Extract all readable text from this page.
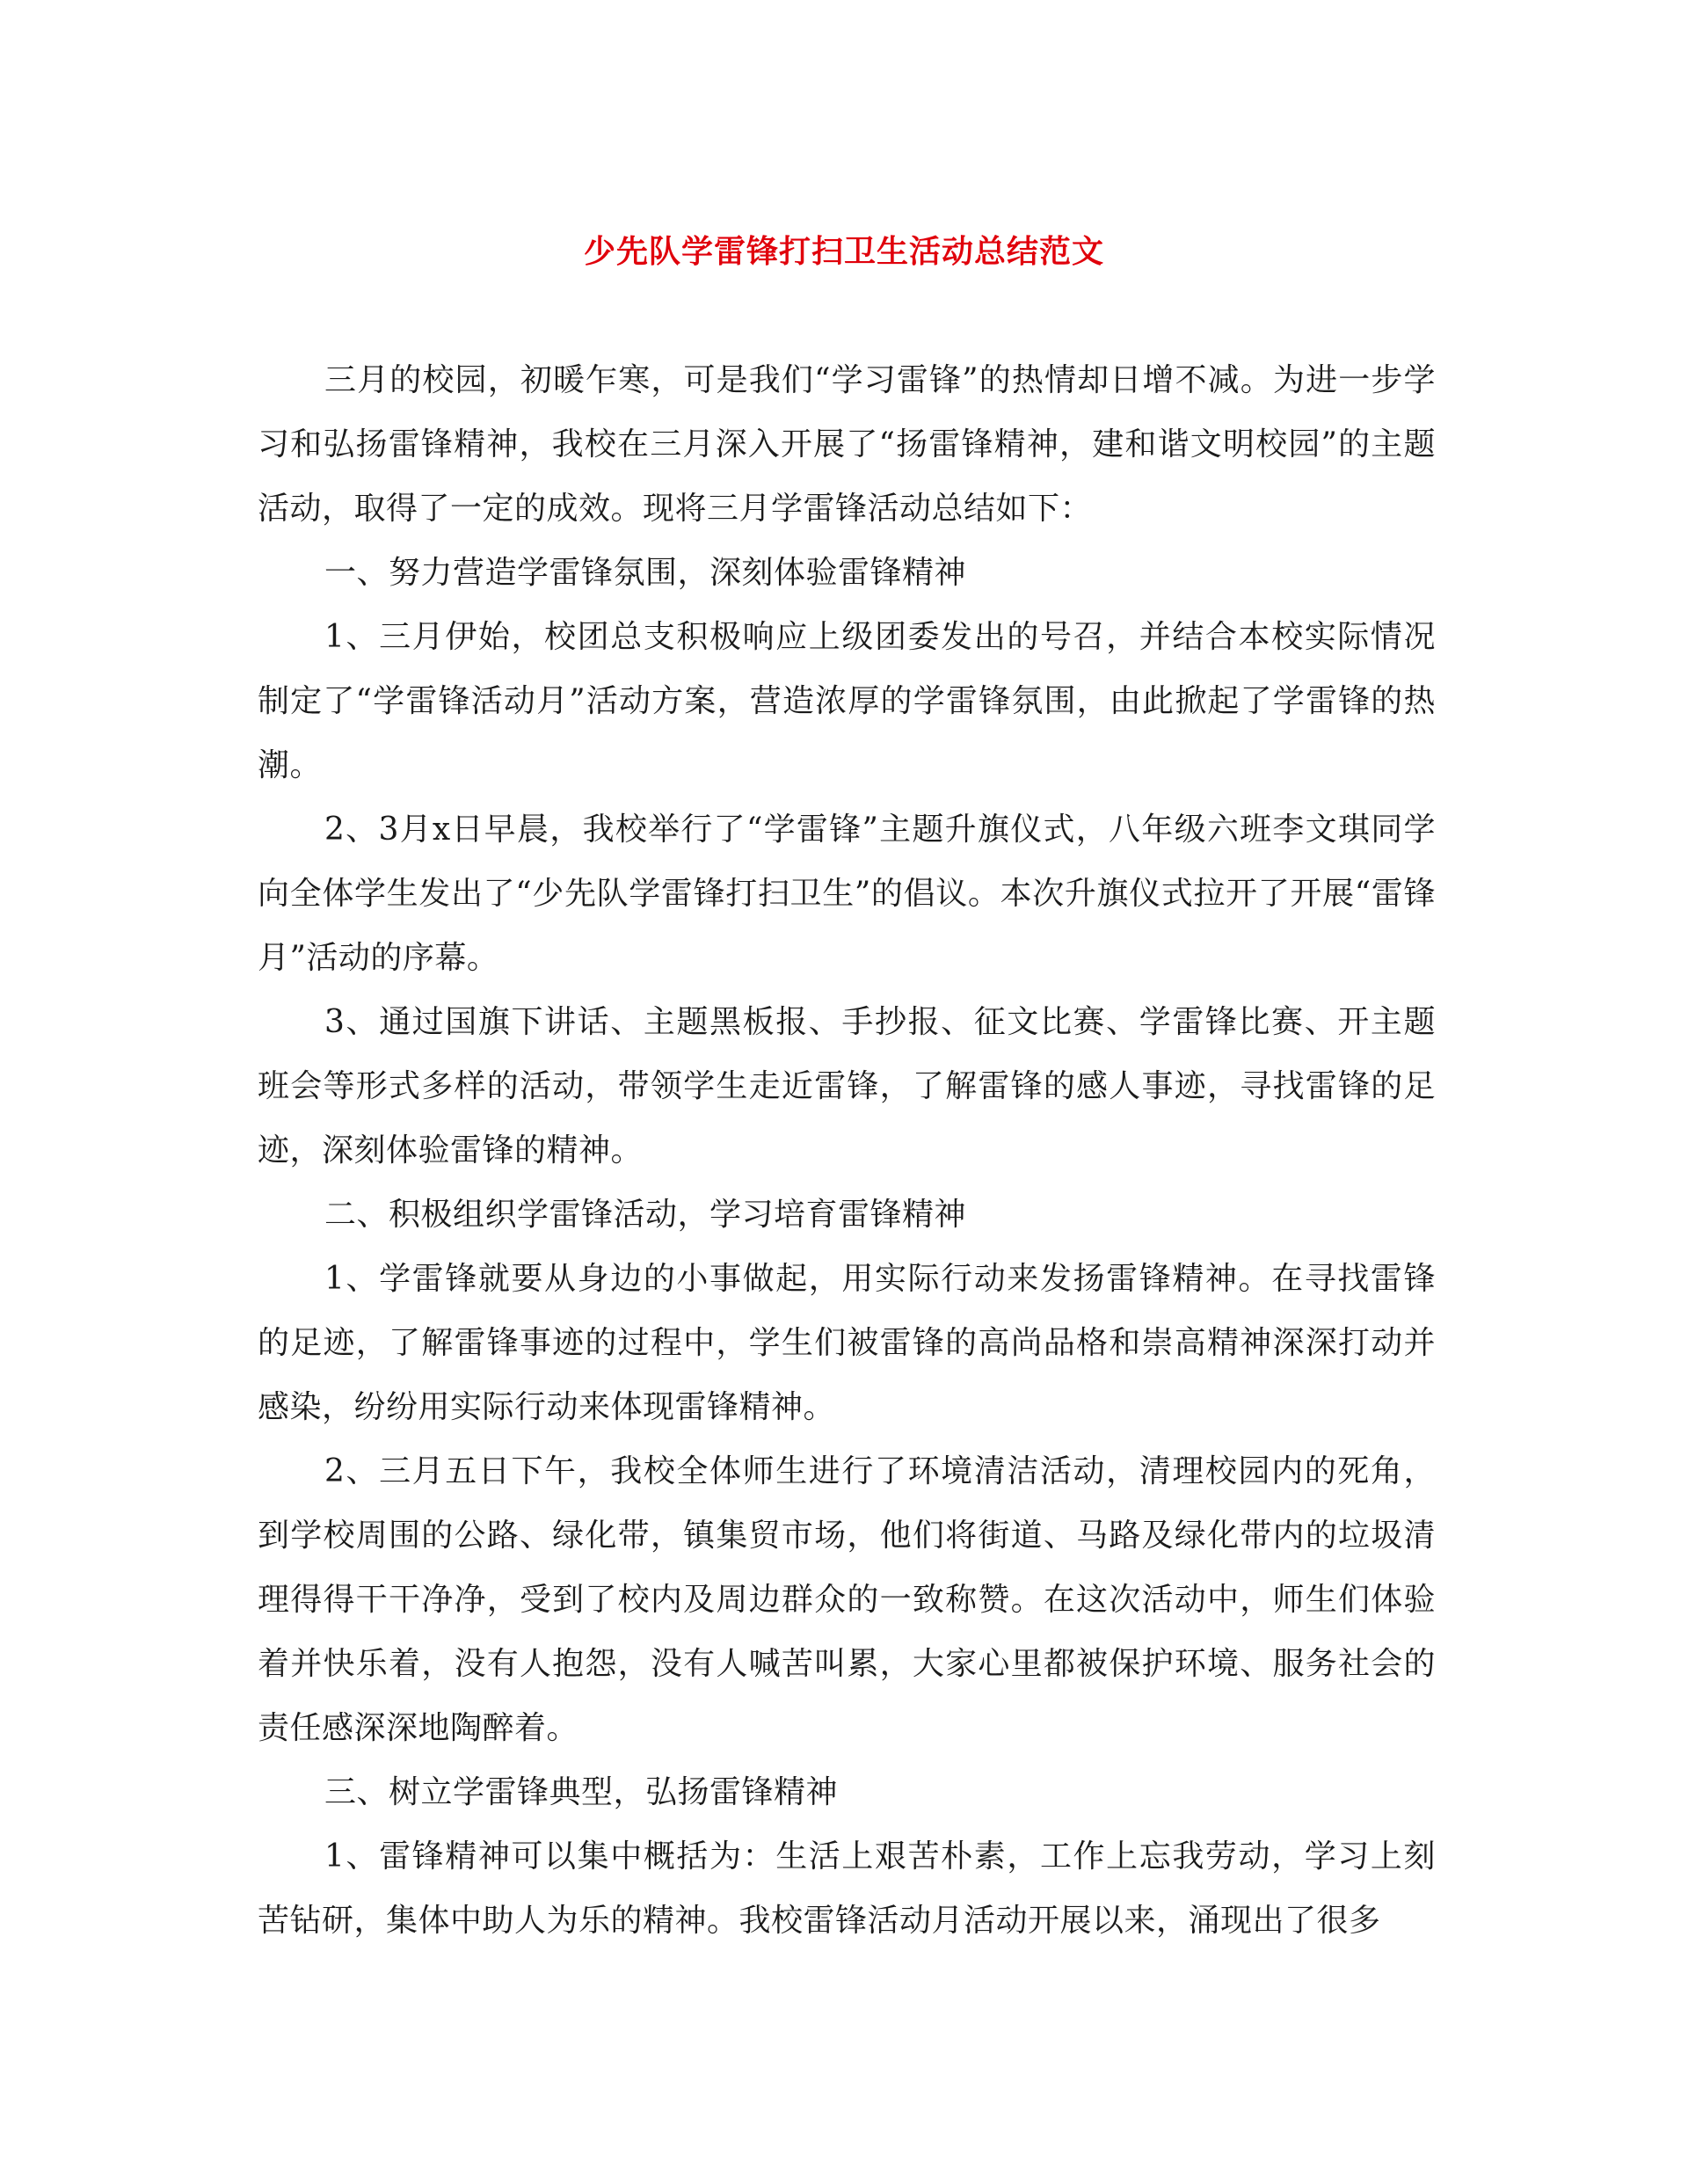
少先队学雷锋打扫卫生活动总结范文

三月的校园，初暖乍寒，可是我们“学习雷锋”的热情却日增不减。为进一步学习和弘扬雷锋精神，我校在三月深入开展了“扬雷锋精神，建和谐文明校园”的主题活动，取得了一定的成效。现将三月学雷锋活动总结如下：

一、努力营造学雷锋氛围，深刻体验雷锋精神

1、三月伊始，校团总支积极响应上级团委发出的号召，并结合本校实际情况制定了“学雷锋活动月”活动方案，营造浓厚的学雷锋氛围，由此掀起了学雷锋的热潮。

2、3月x日早晨，我校举行了“学雷锋”主题升旗仪式，八年级六班李文琪同学向全体学生发出了“少先队学雷锋打扫卫生”的倡议。本次升旗仪式拉开了开展“雷锋月”活动的序幕。

3、通过国旗下讲话、主题黑板报、手抄报、征文比赛、学雷锋比赛、开主题班会等形式多样的活动，带领学生走近雷锋，了解雷锋的感人事迹，寻找雷锋的足迹，深刻体验雷锋的精神。

二、积极组织学雷锋活动，学习培育雷锋精神

1、学雷锋就要从身边的小事做起，用实际行动来发扬雷锋精神。在寻找雷锋的足迹，了解雷锋事迹的过程中，学生们被雷锋的高尚品格和崇高精神深深打动并感染，纷纷用实际行动来体现雷锋精神。

2、三月五日下午，我校全体师生进行了环境清洁活动，清理校园内的死角，到学校周围的公路、绿化带，镇集贸市场，他们将街道、马路及绿化带内的垃圾清理得得干干净净，受到了校内及周边群众的一致称赞。在这次活动中，师生们体验着并快乐着，没有人抱怨，没有人喊苦叫累，大家心里都被保护环境、服务社会的责任感深深地陶醉着。

三、树立学雷锋典型，弘扬雷锋精神

1、雷锋精神可以集中概括为：生活上艰苦朴素，工作上忘我劳动，学习上刻苦钻研，集体中助人为乐的精神。我校雷锋活动月活动开展以来，涌现出了很多
